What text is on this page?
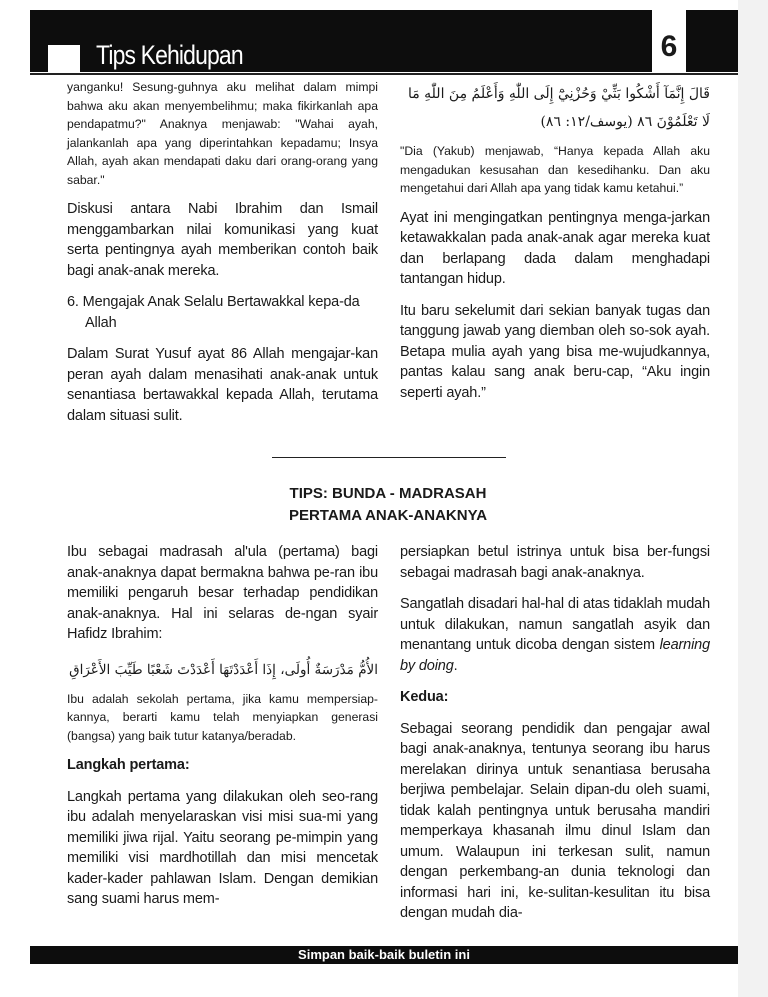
Tips Kehidupan	6
yanganku! Sesung-guhnya aku melihat dalam mimpi bahwa aku akan menyembelihmu; maka fikirkanlah apa pendapatmu?" Anaknya menjawab: "Wahai ayah, jalankanlah apa yang diperintahkan kepadamu; Insya Allah, ayah akan mendapati daku dari orang-orang yang sabar."
Diskusi antara Nabi Ibrahim dan Ismail menggambarkan nilai komunikasi yang kuat serta pentingnya ayah memberikan contoh baik bagi anak-anak mereka.
6. Mengajak Anak Selalu Bertawakkal kepa-da Allah
Dalam Surat Yusuf ayat 86 Allah mengajar-kan peran ayah dalam menasihati anak-anak untuk senantiasa bertawakkal kepada Allah, terutama dalam situasi sulit.
قَالَ إِنَّمَآ أَشْكُوا بَثِّيْ وَحُزْنِيْٓ إِلَى اللّٰهِ وَأَعْلَمُ مِنَ اللّٰهِ مَا لَا تَعْلَمُوْنَ ٨٦ (يوسف/١٢: ٨٦)
"Dia (Yakub) menjawab, “Hanya kepada Allah aku mengadukan kesusahan dan kesedihanku. Dan aku mengetahui dari Allah apa yang tidak kamu ketahui.”
Ayat ini mengingatkan pentingnya menga-jarkan ketawakkalan pada anak-anak agar mereka kuat dan berlapang dada dalam menghadapi tantangan hidup.
Itu baru sekelumit dari sekian banyak tugas dan tanggung jawab yang diemban oleh so-sok ayah. Betapa mulia ayah yang bisa me-wujudkannya, pantas kalau sang anak beru-cap, “Aku ingin seperti ayah.”
TIPS: BUNDA - MADRASAH
PERTAMA ANAK-ANAKNYA
Ibu sebagai madrasah al'ula (pertama) bagi anak-anaknya dapat bermakna bahwa pe-ran ibu memiliki pengaruh besar terhadap pendidikan anak-anaknya. Hal ini selaras de-ngan syair Hafidz Ibrahim:
الأُمُّ مَدْرَسَةٌ أُولَى، إِذَا أَعْدَدْتَهَا أَعْدَدْتَ شَعْبًا طَيِّبَ الأَعْرَاقِ
Ibu adalah sekolah pertama, jika kamu mempersiap-kannya, berarti kamu telah menyiapkan generasi (bangsa) yang baik tutur katanya/beradab.
Langkah pertama:
Langkah pertama yang dilakukan oleh seo-rang ibu adalah menyelaraskan visi misi sua-mi yang memiliki jiwa rijal. Yaitu seorang pe-mimpin yang memiliki visi mardhotillah dan misi mencetak kader-kader pahlawan Islam. Dengan demikian sang suami harus mem-
persiapkan betul istrinya untuk bisa ber-fungsi sebagai madrasah bagi anak-anaknya.
Sangatlah disadari hal-hal di atas tidaklah mudah untuk dilakukan, namun sangatlah asyik dan menantang untuk dicoba dengan sistem learning by doing.
Kedua:
Sebagai seorang pendidik dan pengajar awal bagi anak-anaknya, tentunya seorang ibu harus merelakan dirinya untuk senantiasa berusaha berjiwa pembelajar. Selain dipan-du oleh suami, tidak kalah pentingnya untuk berusaha mandiri memperkaya khasanah ilmu dinul Islam dan umum. Walaupun ini terkesan sulit, namun dengan perkembang-an dunia teknologi dan informasi hari ini, ke-sulitan-kesulitan itu bisa dengan mudah dia-
Simpan baik-baik buletin ini
